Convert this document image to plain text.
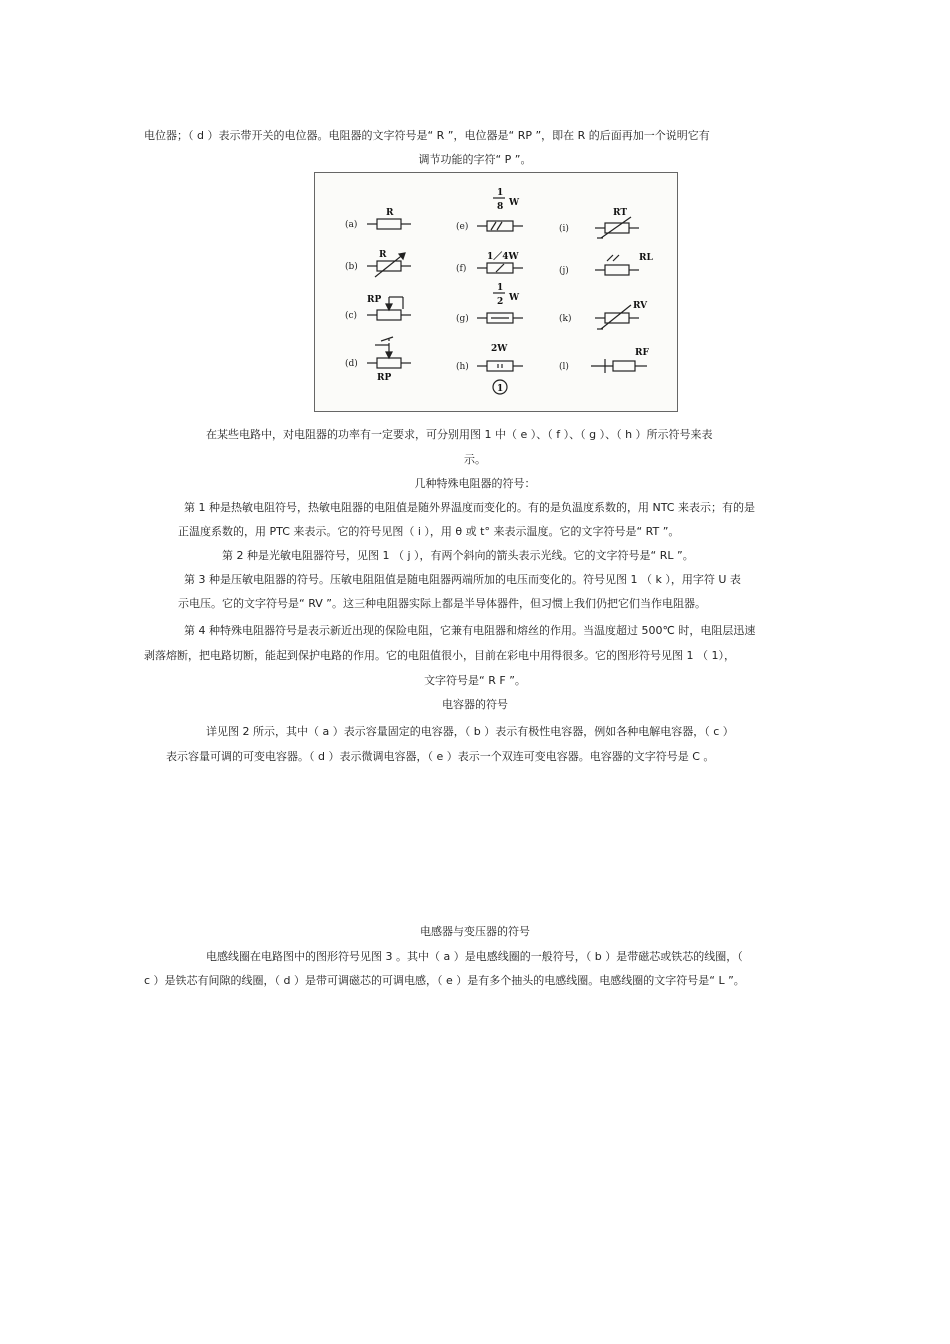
电位器；（ d ）表示带开关的电位器。电阻器的文字符号是“ R ”，电位器是“ RP ”，即在 R 的后面再加一个说明它有
调节功能的字符“ P ”。
(a)
R
(b)
R
(c)
RP
(d)
RP
(e)
1
8 W
(f)
1／4W
(g)
1
2 W
(h)
2W
1
(i)
RT
(j)
RL
(k)
RV
(l)
RF
在某些电路中，对电阻器的功率有一定要求，可分别用图 1 中（ e ）、（ f ）、（ g ）、（ h ）所示符号来表
示。
几种特殊电阻器的符号：
第 1 种是热敏电阻符号，热敏电阻器的电阻值是随外界温度而变化的。有的是负温度系数的，用 NTC 来表示；有的是
正温度系数的，用 PTC 来表示。它的符号见图（ i ），用 θ 或 t° 来表示温度。它的文字符号是“ RT ”。
第 2 种是光敏电阻器符号，见图 1 （ j ），有两个斜向的箭头表示光线。它的文字符号是“ RL ”。
第 3 种是压敏电阻器的符号。压敏电阻阻值是随电阻器两端所加的电压而变化的。符号见图 1 （ k ），用字符 U 表
示电压。它的文字符号是“ RV ”。这三种电阻器实际上都是半导体器件，但习惯上我们仍把它们当作电阻器。
第 4 种特殊电阻器符号是表示新近出现的保险电阻，它兼有电阻器和熔丝的作用。当温度超过 500℃ 时，电阻层迅速
剥落熔断，把电路切断，能起到保护电路的作用。它的电阻值很小，目前在彩电中用得很多。它的图形符号见图 1 （ 1），
文字符号是“ R F ”。
电容器的符号
详见图 2 所示，其中（ a ）表示容量固定的电容器，（ b ）表示有极性电容器，例如各种电解电容器，（ c ）
表示容量可调的可变电容器。（ d ）表示微调电容器，（ e ）表示一个双连可变电容器。电容器的文字符号是 C 。
电感器与变压器的符号
电感线圈在电路图中的图形符号见图 3 。其中（ a ）是电感线圈的一般符号，（ b ）是带磁芯或铁芯的线圈，（
c ）是铁芯有间隙的线圈，（ d ）是带可调磁芯的可调电感，（ e ）是有多个抽头的电感线圈。电感线圈的文字符号是“ L ”。
